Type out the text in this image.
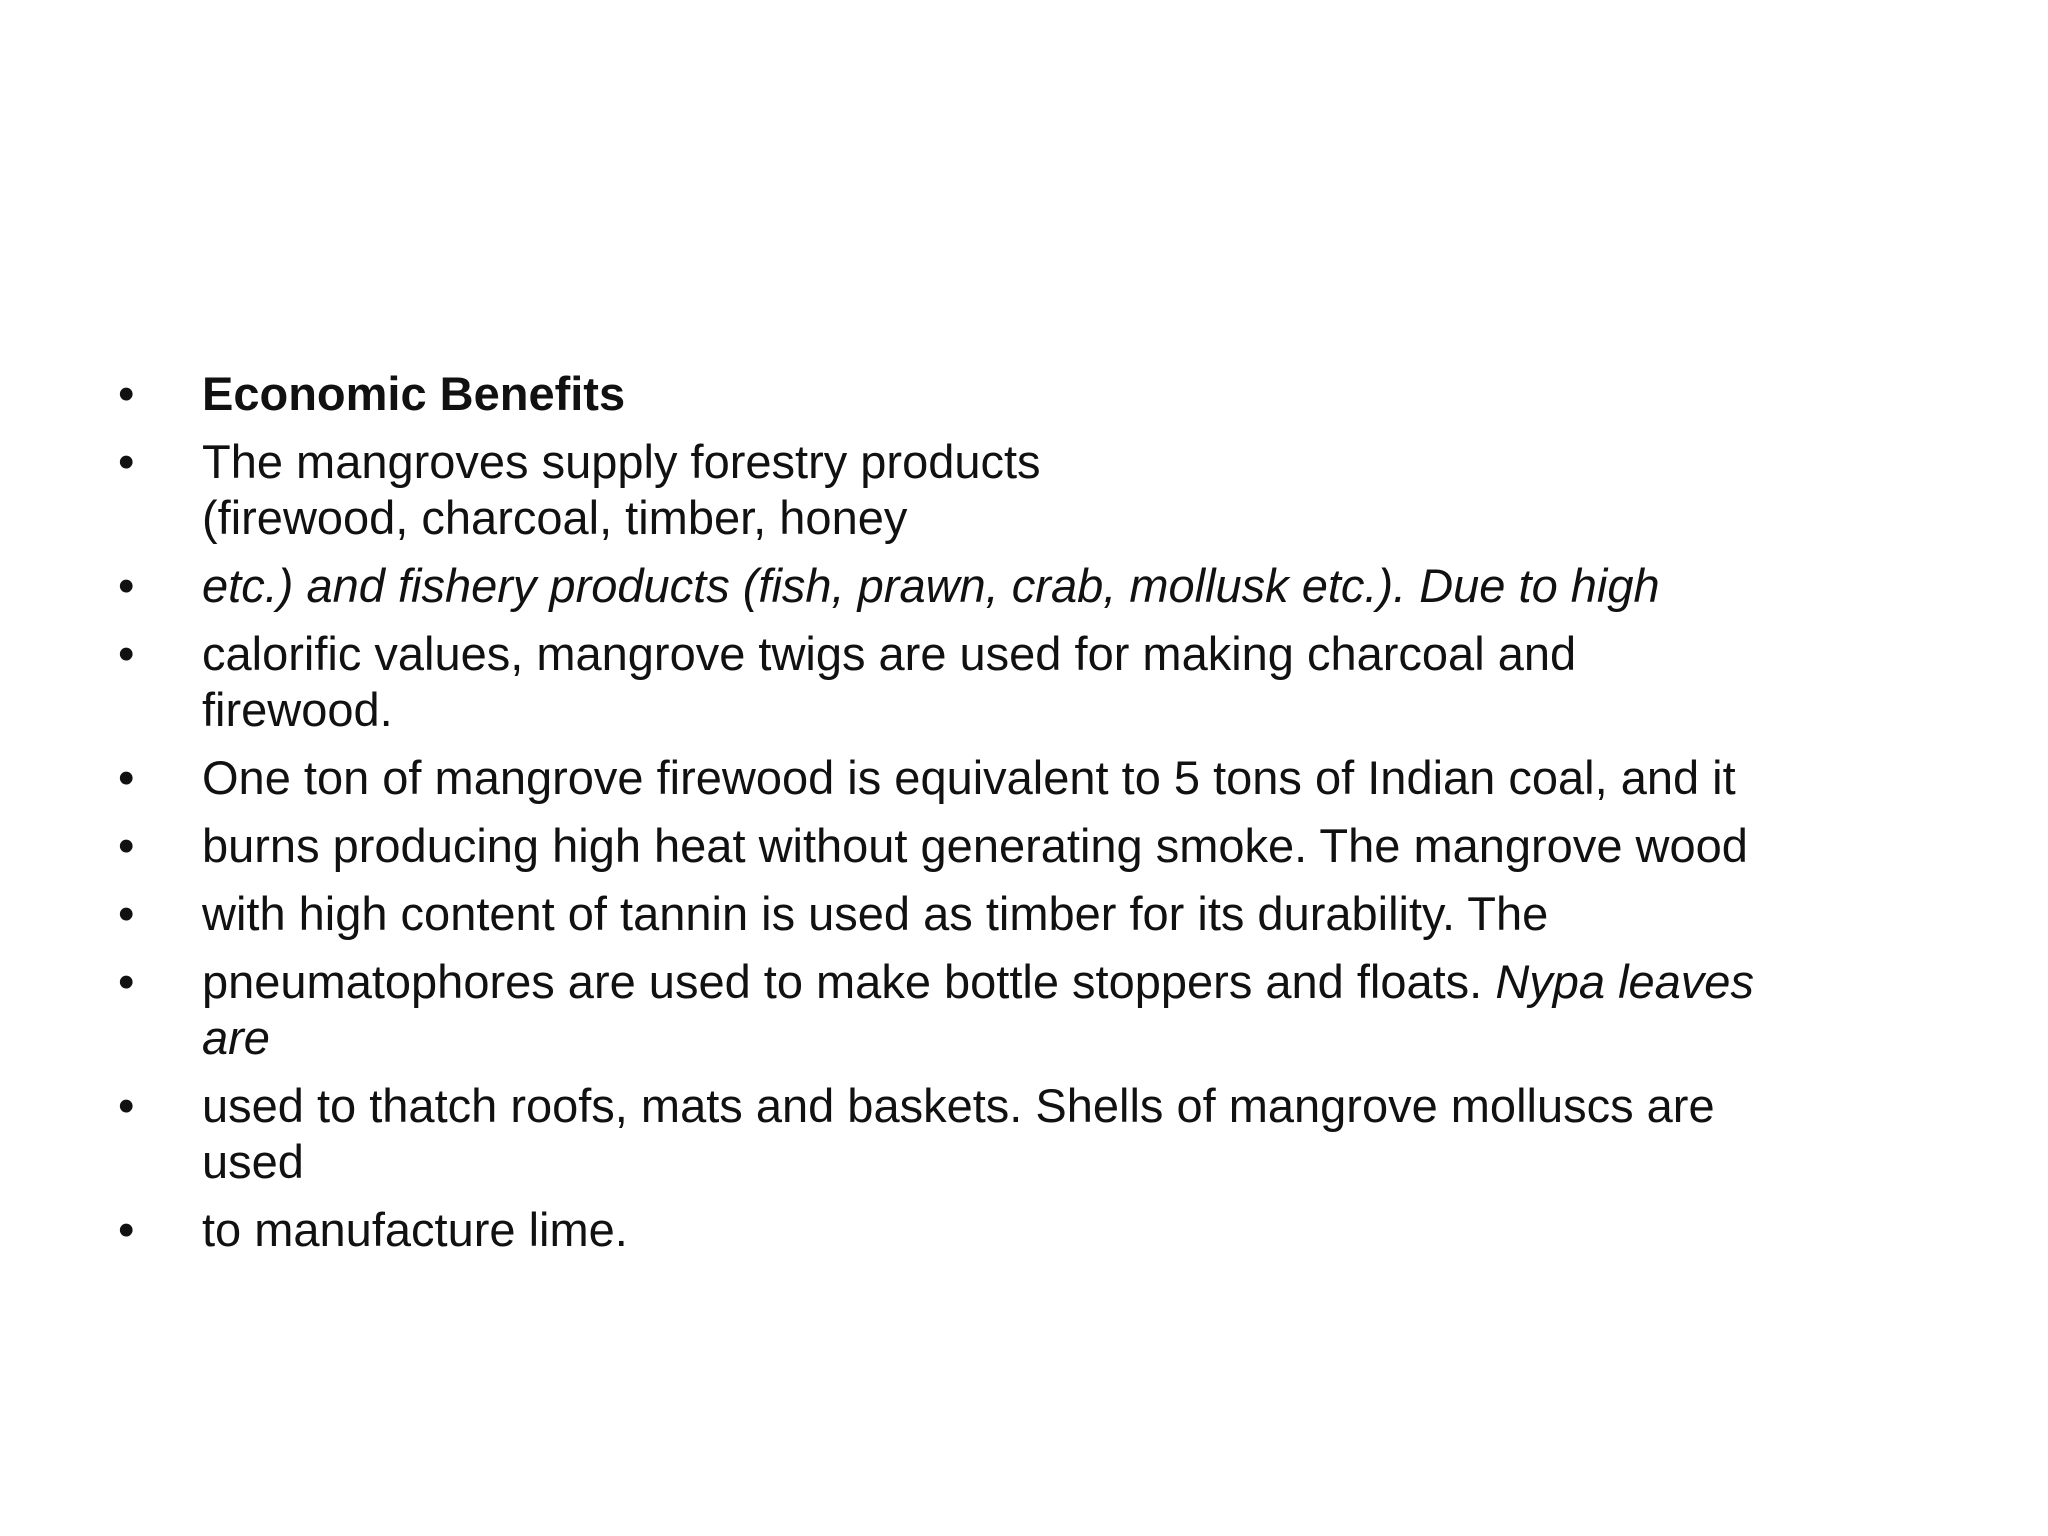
• Economic Benefits
• The mangroves supply forestry products
(firewood, charcoal, timber, honey
• etc.) and fishery products (fish, prawn, crab, mollusk etc.). Due to high
• calorific values, mangrove twigs are used for making charcoal and
firewood.
• One ton of mangrove firewood is equivalent to 5 tons of Indian coal, and it
• burns producing high heat without generating smoke. The mangrove wood
• with high content of tannin is used as timber for its durability. The
• pneumatophores are used to make bottle stoppers and floats. Nypa leaves
are
• used to thatch roofs, mats and baskets. Shells of mangrove molluscs are
used
• to manufacture lime.
